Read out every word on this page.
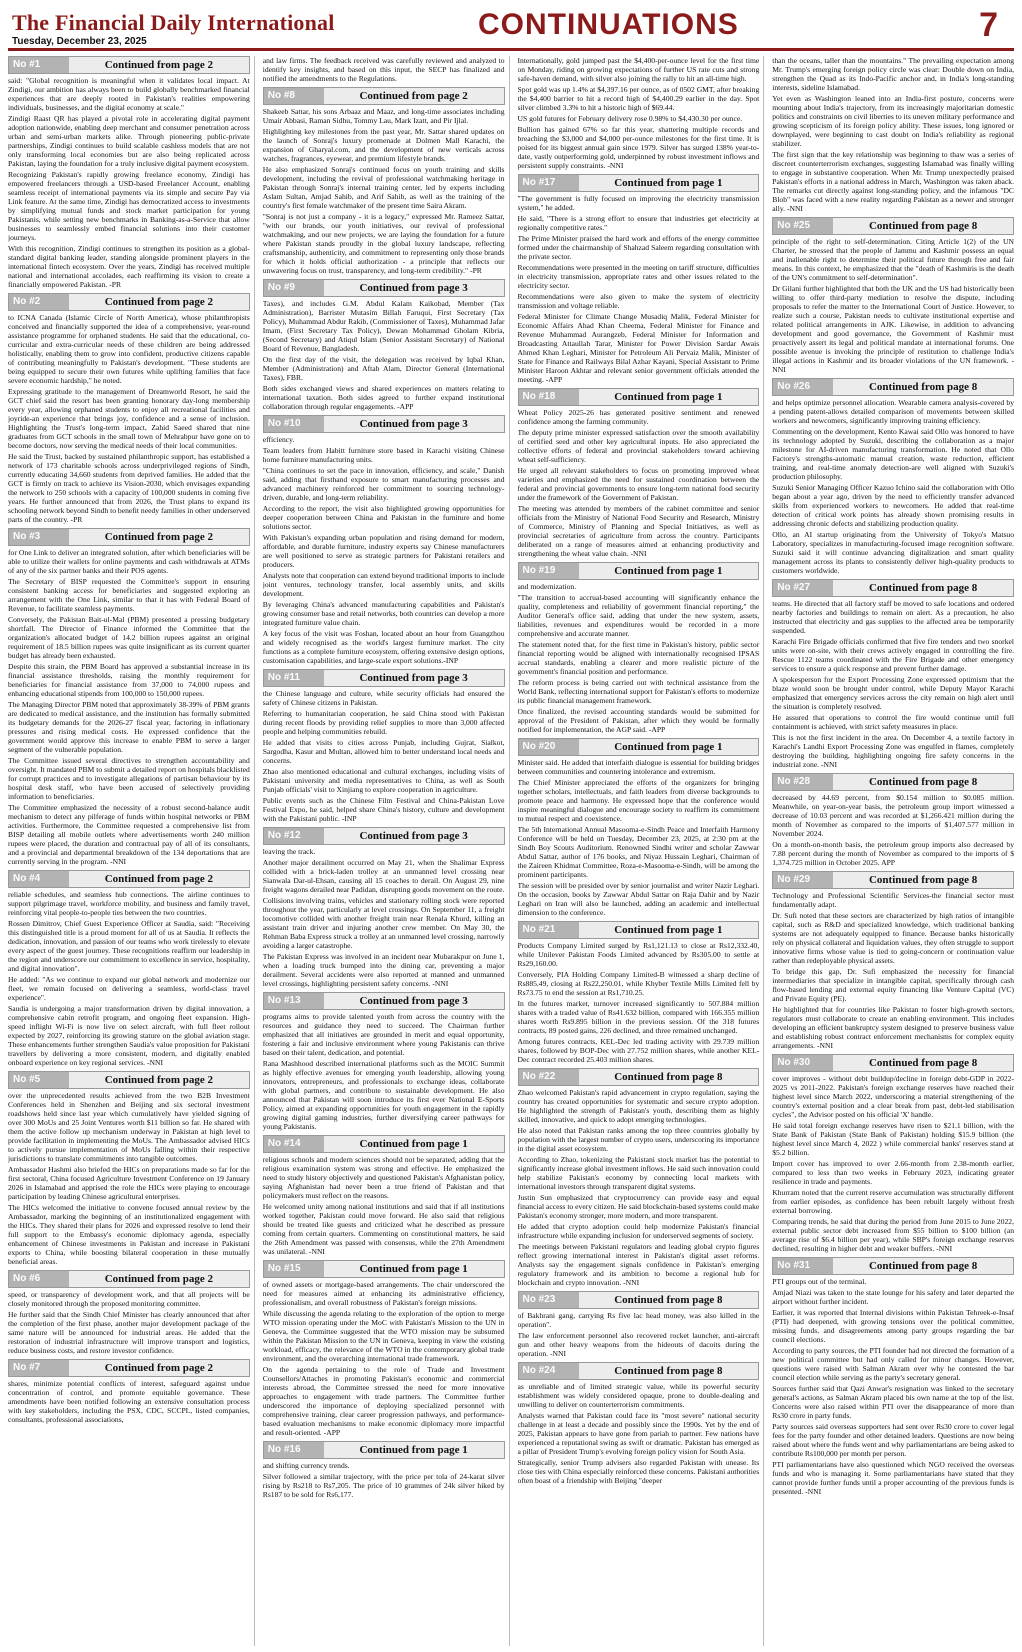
The Financial Daily International
Tuesday, December 23, 2025
CONTINUATIONS	7
No #1	Continued from page 2

said: "Global recognition is meaningful when it validates local impact. At Zindigi, our ambition has always been to build globally benchmarked financial experiences that are deeply rooted in Pakistan's realities empowering individuals, businesses, and the digital economy at scale."

Zindigi Raast QR has played a pivotal role in accelerating digital payment adoption nationwide, enabling deep merchant and consumer penetration across urban and semi-urban markets alike. Through pioneering public-private partnerships, Zindigi continues to build scalable cashless models that are not only transforming local economies but are also being replicated across Pakistan, laying the foundation for a truly inclusive digital payment ecosystem.

Recognizing Pakistan's rapidly growing freelance economy, Zindigi has empowered freelancers through a USD-based Freelancer Account, enabling seamless receipt of international payments via its simple and secure Pay via Link feature. At the same time, Zindigi has democratized access to investments by simplifying mutual funds and stock market participation for young Pakistanis, while setting new benchmarks in Banking-as-a-Service that allow businesses to seamlessly embed financial solutions into their customer journeys.

With this recognition, Zindigi continues to strengthen its position as a global-standard digital banking leader, standing alongside prominent players in the international fintech ecosystem. Over the years, Zindigi has received multiple national and international accolades, each reaffirming its vision to create a financially empowered Pakistan. -PR

No #2	Continued from page 2

to ICNA Canada (Islamic Circle of North America), whose philanthropists conceived and financially supported the idea of a comprehensive, year-round assistance programme for orphaned students. He said that the educational, co-curricular and extra-curricular needs of these children are being addressed holistically, enabling them to grow into confident, productive citizens capable of contributing meaningfully to Pakistan's development. "These students are being equipped to secure their own futures while uplifting families that face severe economic hardship," he noted.

Expressing gratitude to the management of Dreamworld Resort, he said the GCT chief said the resort has been granting honorary day-long membership every year, allowing orphaned students to enjoy all recreational facilities and joyride-an experience that brings joy, confidence and a sense of inclusion. Highlighting the Trust's long-term impact, Zahid Saeed shared that nine graduates from GCT schools in the small town of Mehrabpur have gone on to become doctors, now serving the medical needs of their local communities.

He said the Trust, backed by sustained philanthropic support, has established a network of 173 charitable schools across underprivileged regions of Sindh, currently educating 34,660 students from deprived families. He added that the GCT is firmly on track to achieve its Vision-2030, which envisages expanding the network to 250 schools with a capacity of 100,000 students in coming five years. He further announced that from 2026, the Trust plans to expand its schooling network beyond Sindh to benefit needy families in other underserved parts of the country. -PR

No #3	Continued from page 2

for One Link to deliver an integrated solution, after which beneficiaries will be able to utilize their wallets for online payments and cash withdrawals at ATMs of any of the six partner banks and their POS agents.

The Secretary of BISP requested the Committee's support in ensuring consistent banking access for beneficiaries and suggested exploring an arrangement with the One Link, similar to that it has with Federal Board of Revenue, to facilitate seamless payments.

Conversely, the Pakistan Bait-ul-Mal (PBM) presented a pressing budgetary shortfall. The Director of Finance informed the Committee that the organization's allocated budget of 14.2 billion rupees against an original requirement of 18.5 billion rupees was quite insignificant as its current quarter budget has already been exhausted.

Despite this strain, the PBM Board has approved a substantial increase in its financial assistance thresholds, raising the monthly requirement for beneficiaries for financial assistance from 37,000 to 74,000 rupees and enhancing educational stipends from 100,000 to 150,000 rupees.

The Managing Director PBM noted that approximately 38-39% of PBM grants are dedicated to medical assistance, and the institution has formally submitted its budgetary demands for the 2026-27 fiscal year, factoring in inflationary pressures and rising medical costs. He expressed confidence that the government would approve this increase to enable PBM to serve a larger segment of the vulnerable population.

The Committee issued several directives to strengthen accountability and oversight. It mandated PBM to submit a detailed report on hospitals blacklisted for corrupt practices and to investigate allegations of partisan behaviour by its hospital desk staff, who have been accused of selectively providing information to beneficiaries.

The Committee emphasized the necessity of a robust second-balance audit mechanism to detect any pilferage of funds within hospital networks or PBM activities. Furthermore, the Committee requested a comprehensive list from BISP detailing all mobile outlets where advertisements worth 240 million rupees were placed, the duration and contractual pay of all of its consultants, and a provincial and departmental breakdown of the 134 deportations that are currently serving in the program. -NNI

No #4	Continued from page 2

reliable schedules, and seamless hub connections. The airline continues to support pilgrimage travel, workforce mobility, and business and family travel, reinforcing vital people-to-people ties between the two countries.

Rossen Dimitrov, Chief Guest Experience Officer at Saudia, said: "Receiving this distinguished title is a proud moment for all of us at Saudia. It reflects the dedication, innovation, and passion of our teams who work tirelessly to elevate every aspect of the guest journey. These recognitions reaffirm our leadership in the region and underscore our commitment to excellence in service, hospitality, and digital innovation".

He added: "As we continue to expand our global network and modernize our fleet, we remain focused on delivering a seamless, world-class travel experience".

Saudia is undergoing a major transformation driven by digital innovation, a comprehensive cabin retrofit program, and ongoing fleet expansion. High-speed inflight Wi-Fi is now live on select aircraft, with full fleet rollout expected by 2027, reinforcing its growing stature on the global aviation stage. These enhancements further strengthen Saudia's value proposition for Pakistani travellers by delivering a more consistent, modern, and digitally enabled onboard experience on key regional services. -NNI

No #5	Continued from page 2

over the unprecedented results achieved from the two B2B Investment Conferences held in Shenzhen and Beijing and six sectoral investment roadshows held since last year which cumulatively have yielded signing of over 300 MoUs and 25 Joint Ventures worth $11 billion so far. He shared with them the active follow up mechanism underway in Pakistan at high level to provide facilitation in implementing the MoUs. The Ambassador advised HICs to actively pursue implementation of MoUs falling within their respective jurisdictions to translate commitments into tangible outcomes.

Ambassador Hashmi also briefed the HICs on preparations made so far for the first sectoral, China focused Agriculture Investment Conference on 19 January 2026 in Islamabad and apprised the role the HICs were playing to encourage participation by leading Chinese agricultural enterprises.

The HICs welcomed the initiative to convene focused annual review by the Ambassador, marking the beginning of an institutionalized engagement with the HICs. They shared their plans for 2026 and expressed resolve to lend their full support to the Embassy's economic diplomacy agenda, especially enhancement of Chinese investments in Pakistan and increase in Pakistani exports to China, while boosting bilateral cooperation in these mutually beneficial areas.

No #6	Continued from page 2

speed, or transparency of development work, and that all projects will be closely monitored through the proposed monitoring committee.

He further said that the Sindh Chief Minister has clearly announced that after the completion of the first phase, another major development package of the same nature will be announced for industrial areas. He added that the restoration of industrial infrastructure will improve transport and logistics, reduce business costs, and restore investor confidence.

No #7	Continued from page 2

shares, minimize potential conflicts of interest, safeguard against undue concentration of control, and promote equitable governance. These amendments have been notified following an extensive consultation process with key stakeholders, including the PSX, CDC, SCCPL, listed companies, consultants, professional associations,

and law firms. The feedback received was carefully reviewed and analyzed to identify key insights, and based on this input, the SECP has finalized and notified the amendments to the Regulations.

No #8	Continued from page 2

Shakeeb Sattar, his sons Arbaaz and Maaz, and long-time associates including Umair Abbasi, Raman Sidhu, Tommy Lau, Mark Izatt, and Pir Ijlal.

Highlighting key milestones from the past year, Mr. Sattar shared updates on the launch of Sonraj's luxury promenade at Dolmen Mall Karachi, the expansion of Gharyal.com, and the development of new verticals across watches, fragrances, eyewear, and premium lifestyle brands.

He also emphasized Sonraj's continued focus on youth training and skills development, including the revival of professional watchmaking heritage in Pakistan through Sonraj's internal training center, led by experts including Aslam Sultan, Amjad Sahib, and Arif Sahib, as well as the training of the country's first female watchmaker of the present time Saira Akram.

"Sonraj is not just a company - it is a legacy," expressed Mr. Rameez Sattar, "with our brands, our youth initiatives, our revival of professional watchmaking, and our new projects, we are laying the foundation for a future where Pakistan stands proudly in the global luxury landscape, reflecting craftsmanship, authenticity, and commitment to representing only those brands for which it holds official authorization - a principle that reflects our unwavering focus on trust, transparency, and long-term credibility." -PR

No #9	Continued from page 3

Taxes), and includes G.M. Abdul Kalam Kaikobad, Member (Tax Administration), Barrister Mutasim Billah Faruqui, First Secretary (Tax Policy), Muhammad Abdur Rakib, (Commissioner of Taxes), Muhammad Jafar Imam, (First Secretary Tax Policy), Dewan Mohammad Gholam Kibria, (Second Secretary) and Atiqul Islam (Senior Assistant Secretary) of National Board of Revenue, Bangladesh.

On the first day of the visit, the delegation was received by Iqbal Khan, Member (Administration) and Aftab Alam, Director General (International Taxes), FBR.

Both sides exchanged views and shared experiences on matters relating to international taxation. Both sides agreed to further expand institutional collaboration through regular engagements. -APP

No #10	Continued from page 3

efficiency.

Team leaders from Habitt furniture store based in Karachi visiting Chinese home furniture manufacturing units.

"China continues to set the pace in innovation, efficiency, and scale," Danish said, adding that firsthand exposure to smart manufacturing processes and advanced machinery reinforced her commitment to sourcing technology-driven, durable, and long-term reliability.

According to the report, the visit also highlighted growing opportunities for deeper cooperation between China and Pakistan in the furniture and home solutions sector.

With Pakistan's expanding urban population and rising demand for modern, affordable, and durable furniture, industry experts say Chinese manufacturers are well positioned to serve as strategic partners for Pakistani retailers and producers.

Analysts note that cooperation can extend beyond traditional imports to include joint ventures, technology transfer, local assembly units, and skills development.

By leveraging China's advanced manufacturing capabilities and Pakistan's growing consumer base and retail networks, both countries can develop a more integrated furniture value chain.

A key focus of the visit was Foshan, located about an hour from Guangzhou and widely recognised as the world's largest furniture market. The city functions as a complete furniture ecosystem, offering extensive design options, customisation capabilities, and large-scale export solutions.-INP

No #11	Continued from page 3

the Chinese language and culture, while security officials had ensured the safety of Chinese citizens in Pakistan.

Referring to humanitarian cooperation, he said China stood with Pakistan during recent floods by providing relief supplies to more than 3,000 affected people and helping communities rebuild.

He added that visits to cities across Punjab, including Gujrat, Sialkot, Sargodha, Kasur and Multan, allowed him to better understand local needs and concerns.

Zhao also mentioned educational and cultural exchanges, including visits of Pakistani university and media representatives to China, as well as South Punjab officials' visit to Xinjiang to explore cooperation in agriculture.

Public events such as the Chinese Film Festival and China-Pakistan Love Festival Expo, he said, helped share China's history, culture and development with the Pakistani public. -INP

No #12	Continued from page 3

leaving the track.

Another major derailment occurred on May 21, when the Shalimar Express collided with a brick-laden trolley at an unmanned level crossing near Sianwala Dar-ul-Ehsan, causing all 15 coaches to derail. On August 29, nine freight wagons derailed near Padidan, disrupting goods movement on the route.

Collisions involving trains, vehicles and stationary rolling stock were reported throughout the year, particularly at level crossings. On September 11, a freight locomotive collided with another freight train near Renala Khurd, killing an assistant train driver and injuring another crew member. On May 30, the Rehman Baba Express struck a trolley at an unmanned level crossing, narrowly avoiding a larger catastrophe.

The Pakistan Express was involved in an incident near Mubarakpur on June 1, when a loading truck bumped into the dining car, preventing a major derailment. Several accidents were also reported at manned and unmanned level crossings, highlighting persistent safety concerns. -NNI

No #13	Continued from page 3

programs aims to provide talented youth from across the country with the resources and guidance they need to succeed. The Chairman further emphasized that all initiatives are grounded in merit and equal opportunity, fostering a fair and inclusive environment where young Pakistanis can thrive based on their talent, dedication, and potential.

Rana Mashhood described international platforms such as the MOIC Summit as highly effective avenues for emerging youth leadership, allowing young innovators, entrepreneurs, and professionals to exchange ideas, collaborate with global partners, and contribute to sustainable development. He also announced that Pakistan will soon introduce its first ever National E-Sports Policy, aimed at expanding opportunities for youth engagement in the rapidly growing digital gaming industries, further diversifying career pathways for young Pakistanis.

No #14	Continued from page 1

religious schools and modern sciences should not be separated, adding that the religious examination system was strong and effective. He emphasized the need to study history objectively and questioned Pakistan's Afghanistan policy, saying Afghanistan had never been a true friend of Pakistan and that policymakers must reflect on the reasons.

He welcomed unity among national institutions and said that if all institutions worked together, Pakistan could move forward. He also said that religious should be treated like guests and criticized what he described as pressure coming from certain quarters. Commenting on constitutional matters, he said the 26th Amendment was passed with consensus, while the 27th Amendment was unilateral. -NNI

No #15	Continued from page 1

of owned assets or mortgage-based arrangements. The chair underscored the need for measures aimed at enhancing its administrative efficiency, professionalism, and overall robustness of Pakistan's foreign missions.

While discussing the agenda relating to the exploration of the option to merge WTO mission operating under the MoC with Pakistan's Mission to the UN in Geneva, the Committee suggested that the WTO mission may be subsumed within the Pakistan Mission to the UN in Geneva, keeping in view the existing workload, efficacy, the relevance of the WTO in the contemporary global trade environment, and the overarching international trade framework.

On the agenda pertaining to the role of Trade and Investment Counsellors/Attaches in promoting Pakistan's economic and commercial interests abroad, the Committee stressed the need for more innovative approaches to engagement with trade partners. The Committee further underscored the importance of deploying specialized personnel with comprehensive training, clear career progression pathways, and performance-based evaluation mechanisms to make economic diplomacy more impactful and result-oriented. -APP

No #16	Continued from page 1

and shifting currency trends.

Silver followed a similar trajectory, with the price per tola of 24-karat silver rising by Rs218 to Rs7,205. The price of 10 grammes of 24k silver hiked by Rs187 to be sold for Rs6,177.

Internationally, gold jumped past the $4,400-per-ounce level for the first time on Monday, riding on growing expectations of further US rate cuts and strong safe-haven demand, with silver also joining the rally to hit an all-time high.

Spot gold was up 1.4% at $4,397.16 per ounce, as of 0502 GMT, after breaking the $4,400 barrier to hit a record high of $4,400.29 earlier in the day. Spot silver climbed 3.3% to hit a historic high of $69.44.

US gold futures for February delivery rose 0.98% to $4,430.30 per ounce.

Bullion has gained 67% so far this year, shattering multiple records and breaching the $3,000 and $4,000 per-ounce milestones for the first time. It is poised for its biggest annual gain since 1979. Silver has surged 138% year-to-date, vastly outperforming gold, underpinned by robust investment inflows and persistent supply constraints. -NNI

No #17	Continued from page 1

"The government is fully focused on improving the electricity transmission system," he added.

He said, "There is a strong effort to ensure that industries get electricity at regionally competitive rates."

The Prime Minister praised the hard work and efforts of the energy committee formed under the chairmanship of Shahzad Saleem regarding consultation with the private sector.

Recommendations were presented in the meeting on tariff structure, difficulties in electricity transmission, appropriate rates and other issues related to the electricity sector.

Recommendations were also given to make the system of electricity transmission and voltage reliable.

Federal Minister for Climate Change Musadiq Malik, Federal Minister for Economic Affairs Ahad Khan Cheema, Federal Minister for Finance and Revenue Muhammad Aurangzeb, Federal Minister for Information and Broadcasting Attaullah Tarar, Minister for Power Division Sardar Awais Ahmed Khan Leghari, Minister for Petroleum Ali Pervaiz Malik, Minister of State for Finance and Railways Bilal Azhar Kayani, Special Assistant to Prime Minister Haroon Akhtar and relevant senior government officials attended the meeting. -APP

No #18	Continued from page 1

Wheat Policy 2025-26 has generated positive sentiment and renewed confidence among the farming community.

The deputy prime minister expressed satisfaction over the smooth availability of certified seed and other key agricultural inputs. He also appreciated the collective efforts of federal and provincial stakeholders toward achieving wheat self-sufficiency.

He urged all relevant stakeholders to focus on promoting improved wheat varieties and emphasized the need for sustained coordination between the federal and provincial governments to ensure long-term national food security under the framework of the Government of Pakistan.

The meeting was attended by members of the cabinet committee and senior officials from the Ministry of National Food Security and Research, Ministry of Commerce, Ministry of Planning and Special Initiatives, as well as provincial secretaries of agriculture from across the country. Participants deliberated on a range of measures aimed at enhancing productivity and strengthening the wheat value chain. -NNI

No #19	Continued from page 1

and modernization.

"The transition to accrual-based accounting will significantly enhance the quality, completeness and reliability of government financial reporting," the Auditor General's office said, adding that under the new system, assets, liabilities, revenues and expenditures would be recorded in a more comprehensive and accurate manner.

The statement noted that, for the first time in Pakistan's history, public sector financial reporting would be aligned with internationally recognised IPSAS accrual standards, enabling a clearer and more realistic picture of the government's financial position and performance.

The reform process is being carried out with technical assistance from the World Bank, reflecting international support for Pakistan's efforts to modernize its public financial management framework.

Once finalized, the revised accounting standards would be submitted for approval of the President of Pakistan, after which they would be formally notified for implementation, the AGP said. -APP

No #20	Continued from page 1

Minister said. He added that interfaith dialogue is essential for building bridges between communities and countering intolerance and extremism.

The Chief Minister appreciated the efforts of the organizers for bringing together scholars, intellectuals, and faith leaders from diverse backgrounds to promote peace and harmony. He expressed hope that the conference would inspire meaningful dialogue and encourage society to reaffirm its commitment to mutual respect and coexistence.

The 5th International Annual Masooma-e-Sindh Peace and Interfaith Harmony Conference will be held on Tuesday, December 23, 2025, at 2:30 pm at the Sindh Boy Scouts Auditorium. Renowned Sindhi writer and scholar Zawwar Abdul Sattar, author of 176 books, and Niyaz Hussain Leghari, Chairman of the Zaireen Khidmat Committee, Roza-e-Masooma-e-Sindh, will be among the prominent participants.

The session will be presided over by senior journalist and writer Nazir Leghari. On the occasion, books by Zawwar Abdul Sattar on Raja Dahir and by Nazir Leghari on Iran will also be launched, adding an academic and intellectual dimension to the conference.

No #21	Continued from page 1

Products Company Limited surged by Rs1,121.13 to close at Rs12,332.40, while Unilever Pakistan Foods Limited advanced by Rs305.00 to settle at Rs29,160.00.

Conversely, PIA Holding Company Limited-B witnessed a sharp decline of Rs885.49, closing at Rs22,250.01, while Khyber Textile Mills Limited fell by Rs73.75 to end the session at Rs1,710.25.

In the futures market, turnover increased significantly to 507.884 million shares with a traded value of Rs41.632 billion, compared with 166.355 million shares worth Rs9.895 billion in the previous session. Of the 318 futures contracts, 89 posted gains, 226 declined, and three remained unchanged.

Among futures contracts, KEL-Dec led trading activity with 29.739 million shares, followed by BOP-Dec with 27.752 million shares, while another KEL-Dec contract recorded 25.403 million shares.

No #22	Continued from page 8

Zhao welcomed Pakistan's rapid advancement in crypto regulation, saying the country has created opportunities for systematic and secure crypto adoption. He highlighted the strength of Pakistan's youth, describing them as highly skilled, innovative, and quick to adopt emerging technologies.

He also noted that Pakistan ranks among the top three countries globally by population with the largest number of crypto users, underscoring its importance in the digital asset ecosystem.

According to Zhao, tokenizing the Pakistani stock market has the potential to significantly increase global investment inflows. He said such innovation could help stabilize Pakistan's economy by connecting local markets with international investors through transparent digital systems.

Justin Sun emphasized that cryptocurrency can provide easy and equal financial access to every citizen. He said blockchain-based systems could make Pakistan's economy stronger, more modern, and more transparent.

He added that crypto adoption could help modernize Pakistan's financial infrastructure while expanding inclusion for underserved segments of society.

The meetings between Pakistani regulators and leading global crypto figures reflect growing international interest in Pakistan's digital asset reforms. Analysts say the engagement signals confidence in Pakistan's emerging regulatory framework and its ambition to become a regional hub for blockchain and crypto innovation. -NNI

No #23	Continued from page 8

of Bakhrani gang, carrying Rs five lac head money, was also killed in the operation".

The law enforcement personnel also recovered rocket launcher, anti-aircraft gun and other heavy weapons from the hideouts of dacoits during the operation. -NNI

No #24	Continued from page 8

as unreliable and of limited strategic value, while its powerful security establishment was widely considered opaque, prone to double-dealing and unwilling to deliver on counterterrorism commitments.

Analysts warned that Pakistan could face its "most severe" national security challenge in at least a decade and possibly since the 1990s. Yet by the end of 2025, Pakistan appears to have gone from pariah to partner. Few nations have experienced a reputational swing as swift or dramatic. Pakistan has emerged as a pillar of President Trump's evolving foreign policy vision for South Asia.

Strategically, senior Trump advisers also regarded Pakistan with unease. Its close ties with China especially reinforced these concerns. Pakistani authorities often boast of a friendship with Beijing "deeper

than the oceans, taller than the mountains." The prevailing expectation among Mr. Trump's emerging foreign policy circle was clear: Double down on India, strengthen the Quad as its Indo-Pacific anchor and, in India's long-standing interests, sideline Islamabad.

Yet even as Washington leaned into an India-first posture, concerns were mounting about India's trajectory, from its increasingly majoritarian domestic politics and constraints on civil liberties to its uneven military performance and growing scepticism of its foreign policy ability. These issues, long ignored or downplayed, were beginning to cast doubt on India's reliability as regional stabilizer.

The first sign that the key relationship was beginning to thaw was a series of discreet counterterrorism exchanges, suggesting Islamabad was finally willing to engage in substantive cooperation. When Mr. Trump unexpectedly praised Pakistan's efforts in a national address in March, Washington was taken aback. The remarks cut directly against long-standing policy, and the infamous "DC Blob" was faced with a new reality regarding Pakistan as a newer and stronger ally. -NNI

No #25	Continued from page 8

principle of the right to self-determination. Citing Article 1(2) of the UN Charter, he stressed that the people of Jammu and Kashmir possess an equal and inalienable right to determine their political future through free and fair means. In this context, he emphasized that the "death of Kashmiris is the death of the UN's commitment to self-determination".

Dr Gilani further highlighted that both the UK and the US had historically been willing to offer third-party mediation to resolve the dispute, including proposals to refer the matter to the International Court of Justice. However, to realize such a course, Pakistan needs to cultivate institutional expertise and related political arrangements in AJK. Likewise, in addition to advancing development and good governance, the Government of Kashmir must proactively assert its legal and political mandate at international forums. One possible avenue is invoking the principle of restitution to challenge India's illegal actions in Kashmir and its broader violations of the UN framework. -NNI

No #26	Continued from page 8

and helps optimize personnel allocation. Wearable camera analysis-covered by a pending patent-allows detailed comparison of movements between skilled workers and newcomers, significantly improving training efficiency.

Commenting on the development, Kento Kawai said Ollo was honored to have its technology adopted by Suzuki, describing the collaboration as a major milestone for AI-driven manufacturing transformation. He noted that Ollo Factory's strengths-automatic manual creation, waste reduction, efficient training, and real-time anomaly detection-are well aligned with Suzuki's production philosophy.

Suzuki Senior Managing Officer Kazuo Ichino said the collaboration with Ollo began about a year ago, driven by the need to efficiently transfer advanced skills from experienced workers to newcomers. He added that real-time detection of critical work points has already shown promising results in addressing chronic defects and stabilizing production quality.

Ollo, an AI startup originating from the University of Tokyo's Matsuo Laboratory, specializes in manufacturing-focused image recognition software. Suzuki said it will continue advancing digitalization and smart quality management across its plants to consistently deliver high-quality products to customers worldwide.

No #27	Continued from page 8

teams. He directed that all factory staff be moved to safe locations and ordered nearby factories and buildings to remain on alert. As a precaution, he also instructed that electricity and gas supplies to the affected area be temporarily suspended.

Karachi Fire Brigade officials confirmed that five fire tenders and two snorkel units were on-site, with their crews actively engaged in controlling the fire. Rescue 1122 teams coordinated with the Fire Brigade and other emergency services to ensure a quick response and prevent further damage.

A spokesperson for the Export Processing Zone expressed optimism that the blaze would soon be brought under control, while Deputy Mayor Karachi emphasized that emergency services across the city remain on high alert until the situation is completely resolved.

He assured that operations to control the fire would continue until full containment is achieved, with strict safety measures in place.

This is not the first incident in the area. On December 4, a textile factory in Karachi's Landhi Export Processing Zone was engulfed in flames, completely destroying the building, highlighting ongoing fire safety concerns in the industrial zone. -NNI

No #28	Continued from page 8

decreased by 44.69 percent, from $0.154 million to $0.085 million. Meanwhile, on year-on-year basis, the petroleum group import witnessed a decrease of 10.03 percent and was recorded at $1,266.421 million during the month of November as compared to the imports of $1,407.577 million in November 2024.

On a month-on-month basis, the petroleum group imports also decreased by 7.88 percent during the month of November as compared to the imports of $ 1,374.725 million in October 2025. APP

No #29	Continued from page 8

Technology and Professional Scientific Services-the financial sector must fundamentally adapt.

Dr. Sufi noted that these sectors are characterized by high ratios of intangible capital, such as R&D and specialized knowledge, which traditional banking systems are not adequately equipped to finance. Because banks historically rely on physical collateral and liquidation values, they often struggle to support innovative firms whose value is tied to going-concern or continuation value rather than redeployable physical assets.

To bridge this gap, Dr. Sufi emphasized the necessity for financial intermediaries that specialize in intangible capital, specifically through cash flow-based lending and external equity financing like Venture Capital (VC) and Private Equity (PE).

He highlighted that for countries like Pakistan to foster high-growth sectors, regulators must collaborate to create an enabling environment. This includes developing an efficient bankruptcy system designed to preserve business value and establishing robust contract enforcement mechanisms for complex equity arrangements. -NNI

No #30	Continued from page 8

cover improves - without debt buildup/decline in foreign debt-GDP in 2022-2025 vs 2011-2022. Pakistan's foreign exchange reserves have reached their highest level since March 2022, underscoring a material strengthening of the country's external position and a clear break from past, debt-led stabilisation cycles", the Advisor posted on his official 'X' handle.

He said total foreign exchange reserves have risen to $21.1 billion, with the State Bank of Pakistan (State Bank of Pakistan) holding $15.9 billion (the highest level since March 4, 2022 ) while commercial banks' reserves stand at $5.2 billion.

Import cover has improved to over 2.66-month from 2.38-month earlier, compared to less than two weeks in February 2023, indicating greater resilience in trade and payments.

Khurram noted that the current reserve accumulation was structurally different from earlier episodes, as confidence has been rebuilt largely without fresh external borrowing.

Comparing trends, he said that during the period from June 2015 to June 2022, external public sector debt increased from $55 billion to $100 billion (an average rise of $6.4 billion per year), while SBP's foreign exchange reserves declined, resulting in higher debt and weaker buffers. -NNI

No #31	Continued from page 8

PTI groups out of the terminal.

Amjad Niazi was taken to the state lounge for his safety and later departed the airport without further incident.

Earlier, it was reported that Internal divisions within Pakistan Tehreek-e-Insaf (PTI) had deepened, with growing tensions over the political committee, missing funds, and disagreements among party groups regarding the bar council elections.

According to party sources, the PTI founder had not directed the formation of a new political committee but had only called for minor changes. However, questions were raised with Salman Akram over why he contested the bar council election while serving as the party's secretary general.

Sources further said that Qazi Anwar's resignation was linked to the secretary general's actions, as Salman Akram placed his own name at the top of the list. Concerns were also raised within PTI over the disappearance of more than Rs30 crore in party funds.

Party sources said overseas supporters had sent over Rs30 crore to cover legal fees for the party founder and other detained leaders. Questions are now being raised about where the funds went and why parliamentarians are being asked to contribute Rs100,000 per month per person.

PTI parliamentarians have also questioned which NGO received the overseas funds and who is managing it. Some parliamentarians have stated that they cannot provide further funds until a proper accounting of the previous funds is presented. -NNI
